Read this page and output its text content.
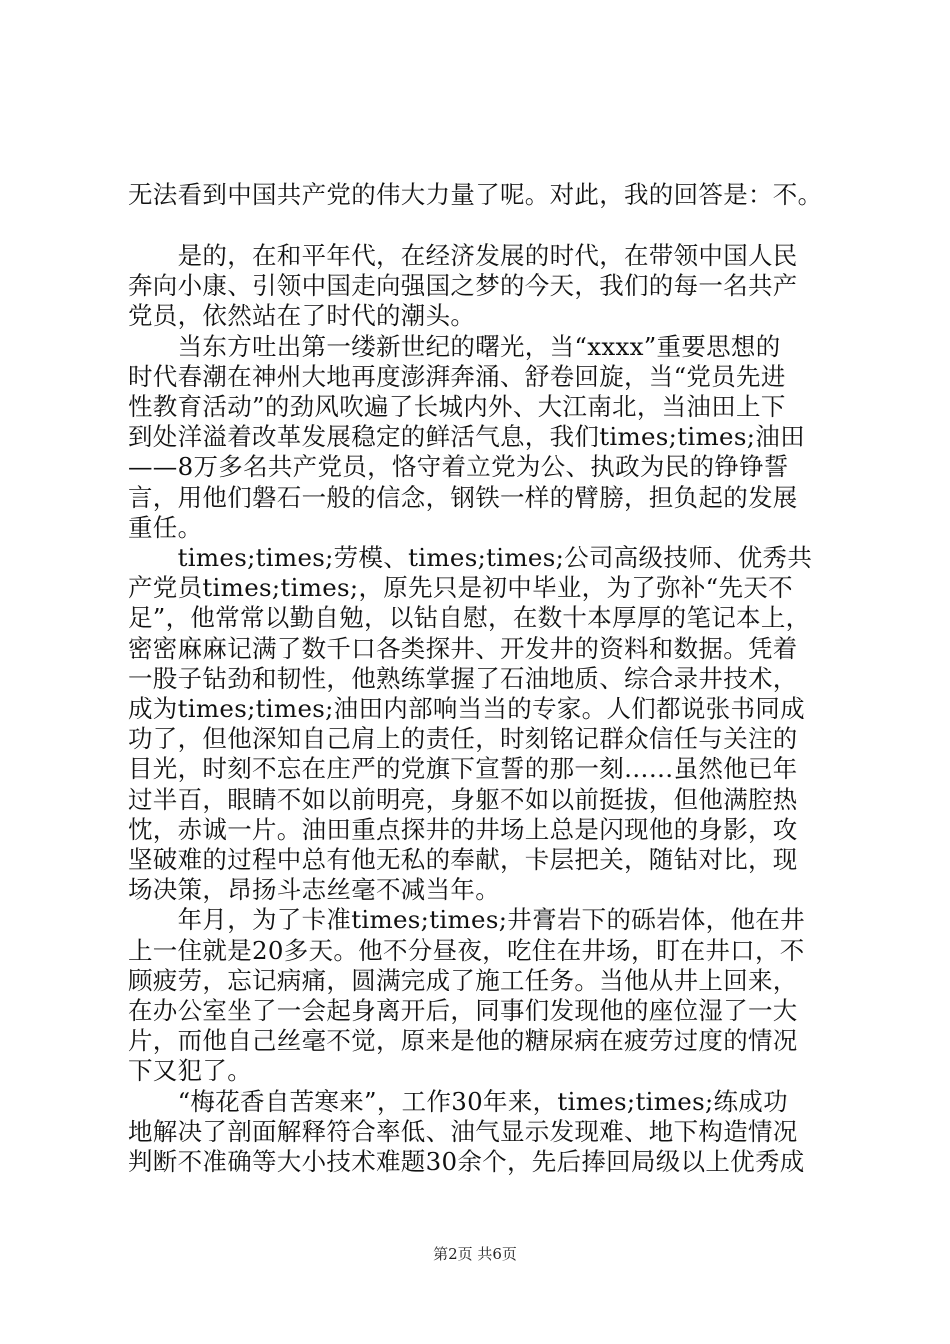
无法看到中国共产党的伟大力量了呢。对此，我的回答是：不。
　　是的，在和平年代，在经济发展的时代，在带领中国人民
奔向小康、引领中国走向强国之梦的今天，我们的每一名共产
党员，依然站在了时代的潮头。
　　当东方吐出第一缕新世纪的曙光，当“xxxx”重要思想的
时代春潮在神州大地再度澎湃奔涌、舒卷回旋，当“党员先进
性教育活动”的劲风吹遍了长城内外、大江南北，当油田上下
到处洋溢着改革发展稳定的鲜活气息，我们times;times;油田
——8万多名共产党员，恪守着立党为公、执政为民的铮铮誓
言，用他们磐石一般的信念，钢铁一样的臂膀，担负起的发展
重任。
　　times;times;劳模、times;times;公司高级技师、优秀共
产党员times;times;，原先只是初中毕业，为了弥补“先天不
足”，他常常以勤自勉，以钻自慰，在数十本厚厚的笔记本上，
密密麻麻记满了数千口各类探井、开发井的资料和数据。凭着
一股子钻劲和韧性，他熟练掌握了石油地质、综合录井技术，
成为times;times;油田内部响当当的专家。人们都说张书同成
功了，但他深知自己肩上的责任，时刻铭记群众信任与关注的
目光，时刻不忘在庄严的党旗下宣誓的那一刻……虽然他已年
过半百，眼睛不如以前明亮，身躯不如以前挺拔，但他满腔热
忱，赤诚一片。油田重点探井的井场上总是闪现他的身影，攻
坚破难的过程中总有他无私的奉献，卡层把关，随钻对比，现
场决策，昂扬斗志丝毫不减当年。
　　年月，为了卡准times;times;井膏岩下的砾岩体，他在井
上一住就是20多天。他不分昼夜，吃住在井场，盯在井口，不
顾疲劳，忘记病痛，圆满完成了施工任务。当他从井上回来，
在办公室坐了一会起身离开后，同事们发现他的座位湿了一大
片，而他自己丝毫不觉，原来是他的糖尿病在疲劳过度的情况
下又犯了。
　　“梅花香自苦寒来”，工作30年来，times;times;练成功
地解决了剖面解释符合率低、油气显示发现难、地下构造情况
判断不准确等大小技术难题30余个，先后捧回局级以上优秀成
第2页 共6页
